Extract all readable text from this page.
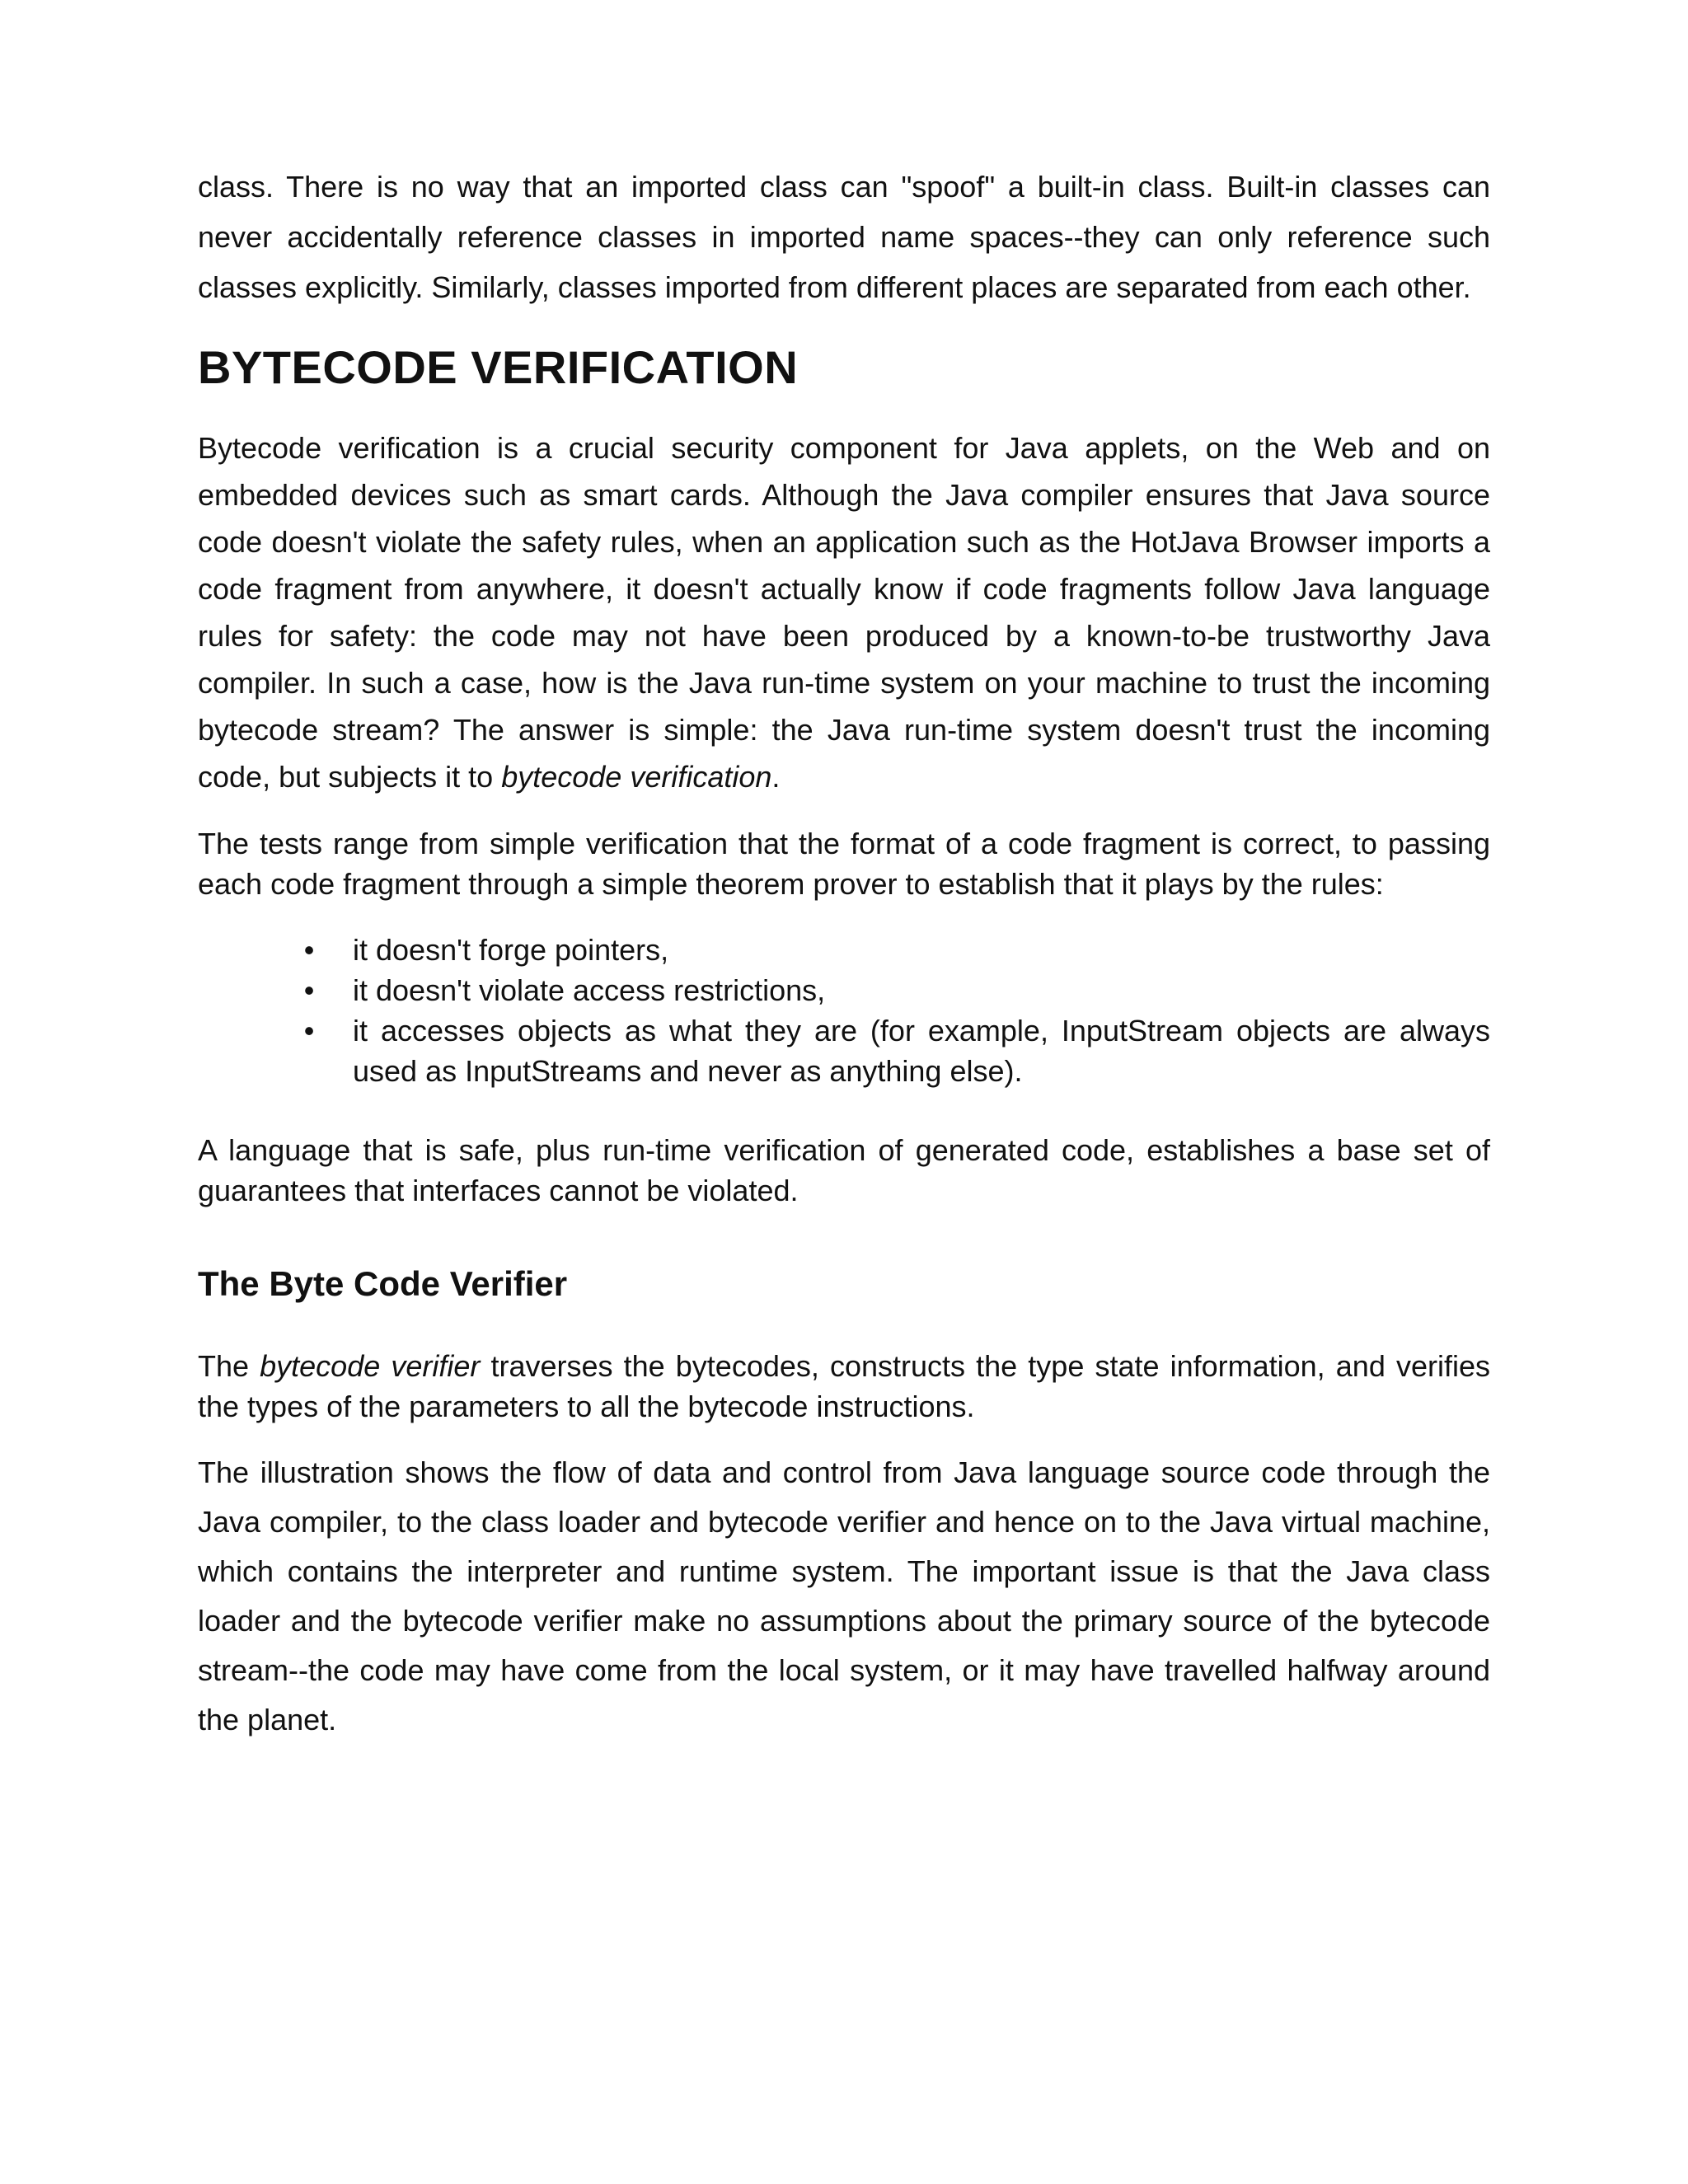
class. There is no way that an imported class can "spoof" a built-in class. Built-in classes can never accidentally reference classes in imported name spaces--they can only reference such classes explicitly. Similarly, classes imported from different places are separated from each other.

BYTECODE VERIFICATION

Bytecode verification is a crucial security component for Java applets, on the Web and on embedded devices such as smart cards. Although the Java compiler ensures that Java source code doesn't violate the safety rules, when an application such as the HotJava Browser imports a code fragment from anywhere, it doesn't actually know if code fragments follow Java language rules for safety: the code may not have been produced by a known-to-be trustworthy Java compiler. In such a case, how is the Java run-time system on your machine to trust the incoming bytecode stream? The answer is simple: the Java run-time system doesn't trust the incoming code, but subjects it to bytecode verification.

The tests range from simple verification that the format of a code fragment is correct, to passing each code fragment through a simple theorem prover to establish that it plays by the rules:

• it doesn't forge pointers,
• it doesn't violate access restrictions,
• it accesses objects as what they are (for example, InputStream objects are always used as InputStreams and never as anything else).

A language that is safe, plus run-time verification of generated code, establishes a base set of guarantees that interfaces cannot be violated.

The Byte Code Verifier

The bytecode verifier traverses the bytecodes, constructs the type state information, and verifies the types of the parameters to all the bytecode instructions.

The illustration shows the flow of data and control from Java language source code through the Java compiler, to the class loader and bytecode verifier and hence on to the Java virtual machine, which contains the interpreter and runtime system. The important issue is that the Java class loader and the bytecode verifier make no assumptions about the primary source of the bytecode stream--the code may have come from the local system, or it may have travelled halfway around the planet.
